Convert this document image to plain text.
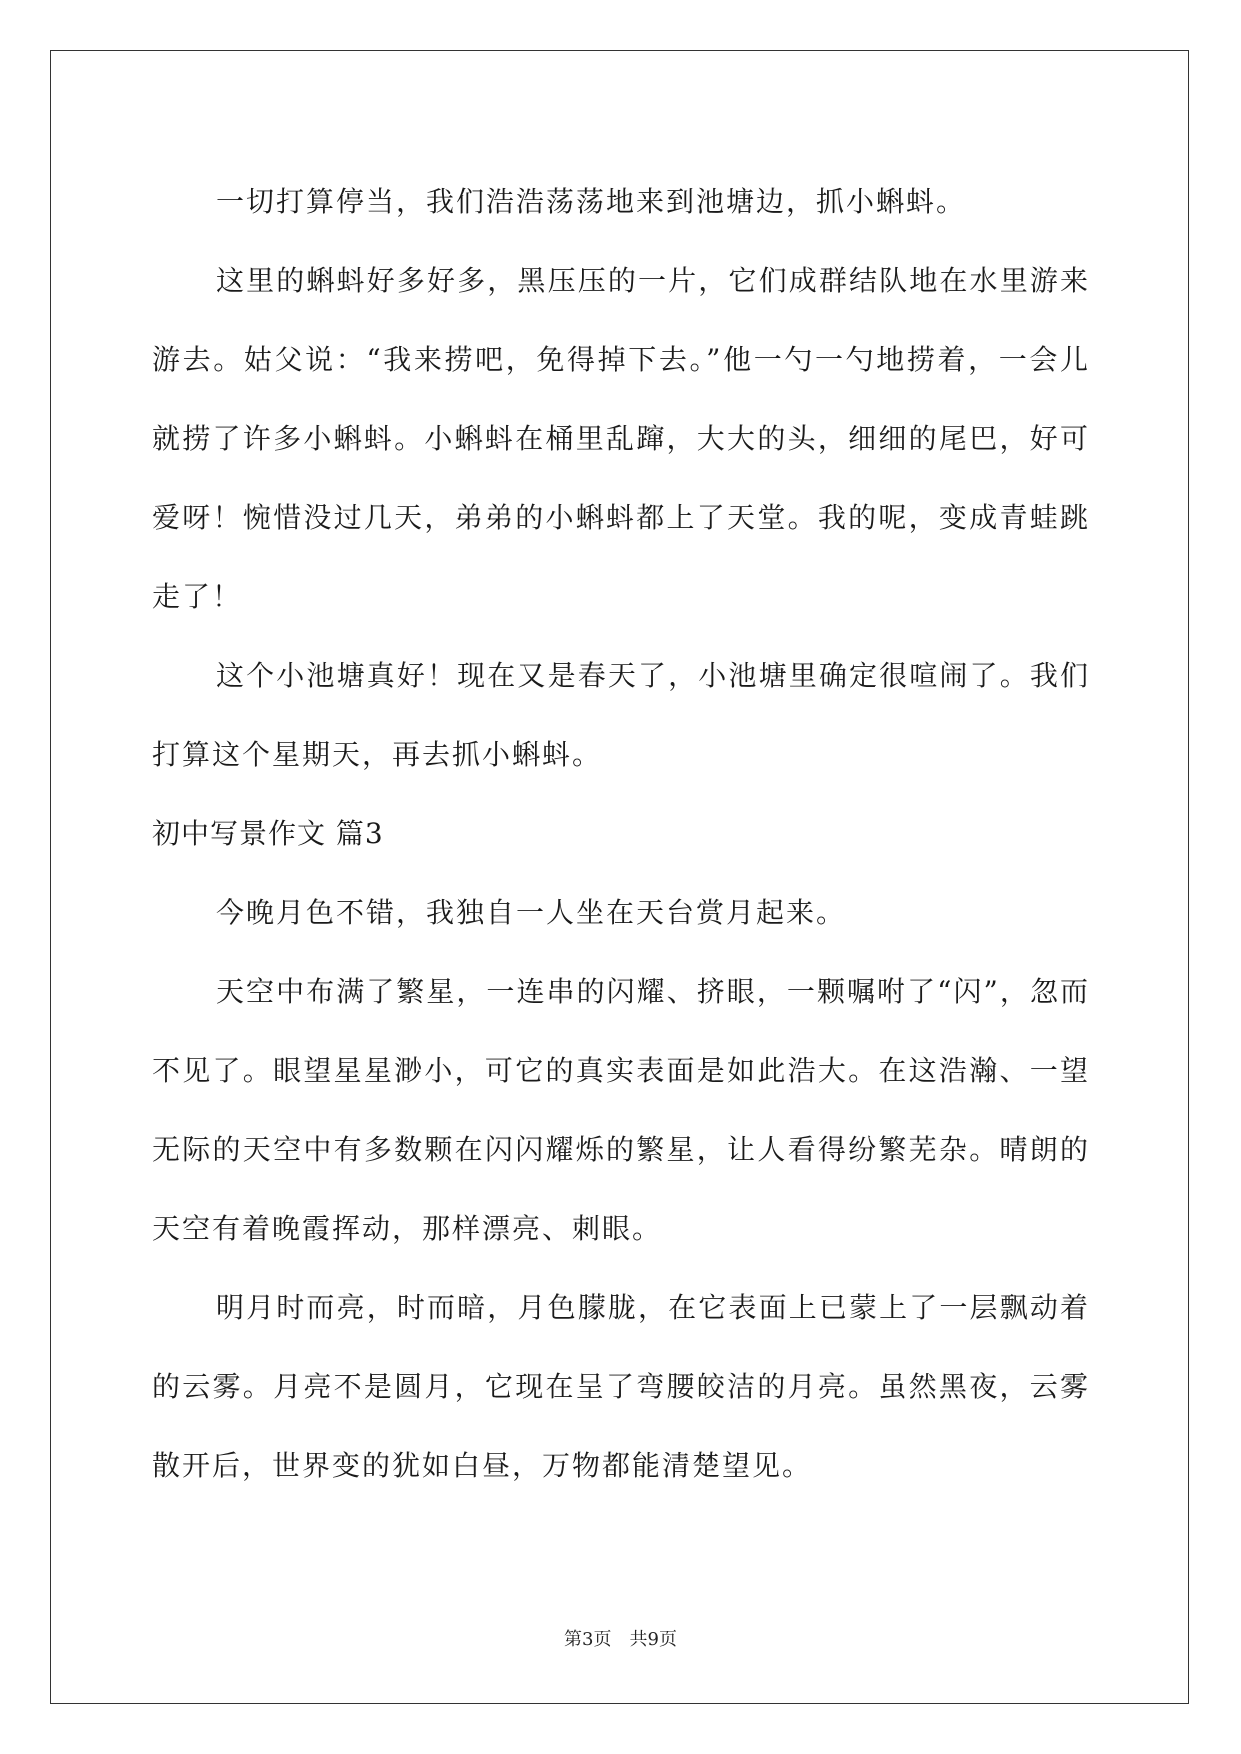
一切打算停当，我们浩浩荡荡地来到池塘边，抓小蝌蚪。

这里的蝌蚪好多好多，黑压压的一片，它们成群结队地在水里游来游去。姑父说：“我来捞吧，免得掉下去。”他一勺一勺地捞着，一会儿就捞了许多小蝌蚪。小蝌蚪在桶里乱蹿，大大的头，细细的尾巴，好可爱呀！惋惜没过几天，弟弟的小蝌蚪都上了天堂。我的呢，变成青蛙跳走了！

这个小池塘真好！现在又是春天了，小池塘里确定很喧闹了。我们打算这个星期天，再去抓小蝌蚪。

初中写景作文 篇3

今晚月色不错，我独自一人坐在天台赏月起来。

天空中布满了繁星，一连串的闪耀、挤眼，一颗嘱咐了“闪”，忽而不见了。眼望星星渺小，可它的真实表面是如此浩大。在这浩瀚、一望无际的天空中有多数颗在闪闪耀烁的繁星，让人看得纷繁芜杂。晴朗的天空有着晚霞挥动，那样漂亮、刺眼。

明月时而亮，时而暗，月色朦胧，在它表面上已蒙上了一层飘动着的云雾。月亮不是圆月，它现在呈了弯腰皎洁的月亮。虽然黑夜，云雾散开后，世界变的犹如白昼，万物都能清楚望见。

第3页 共9页
